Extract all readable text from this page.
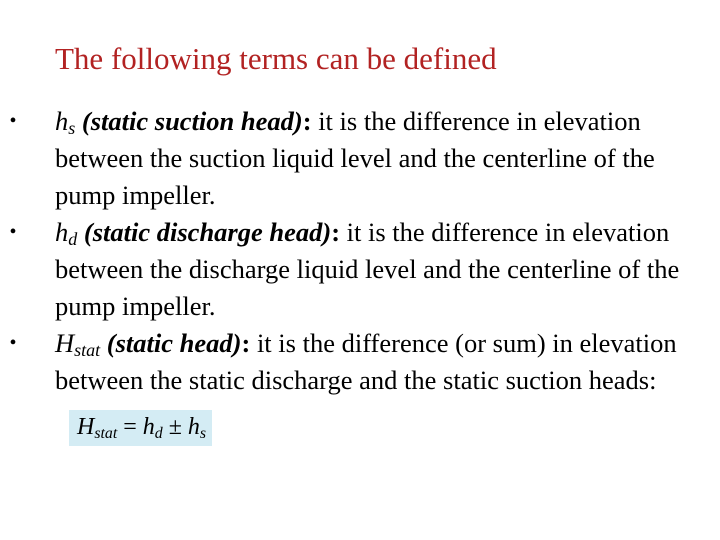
The following terms can be defined
• $h_s$ (static suction head): it is the difference in elevation between the suction liquid level and the centerline of the pump impeller.
• $h_d$ (static discharge head): it is the difference in elevation between the discharge liquid level and the centerline of the pump impeller.
• $H_{stat}$ (static head): it is the difference (or sum) in elevation between the static discharge and the static suction $heads:H_{stat} = h_d \pm h_s$
